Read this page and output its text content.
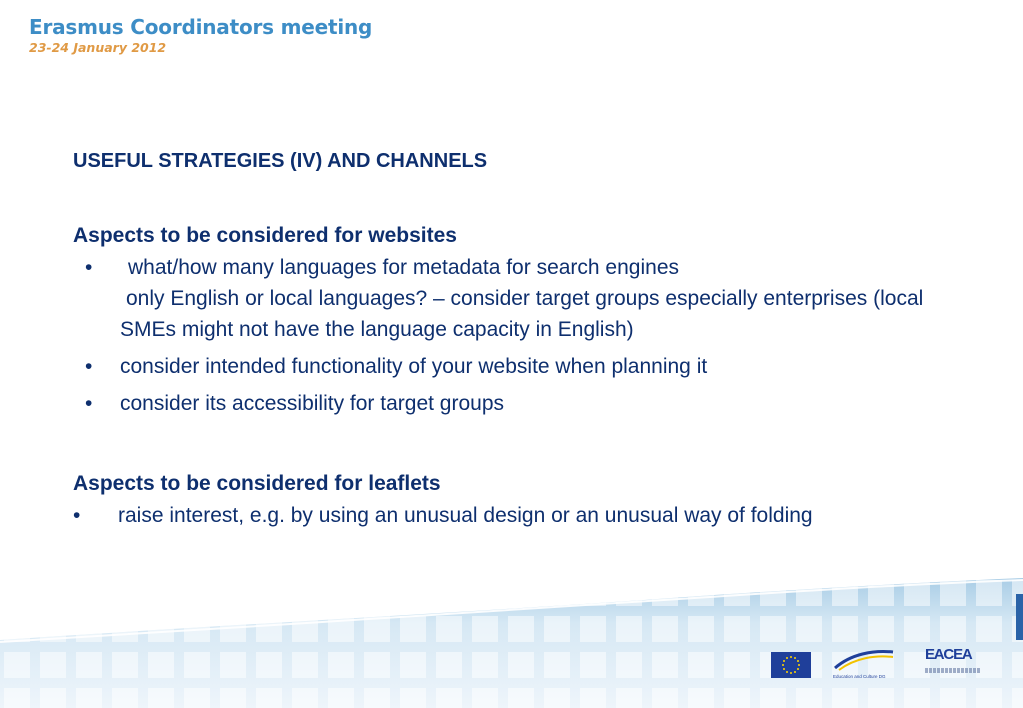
Erasmus Coordinators meeting
23-24 January 2012

USEFUL STRATEGIES (IV) AND CHANNELS

Aspects to be considered for websites

•	what/how many languages for metadata for search engines
only English or local languages? – consider target groups especially enterprises (local SMEs might not have the language capacity in English)
• consider intended functionality of your website when planning it
• consider its accessibility for target groups

Aspects to be considered for leaflets

•	raise interest, e.g. by using an unusual design or an unusual way of folding
Education and Culture DG
EACEA
